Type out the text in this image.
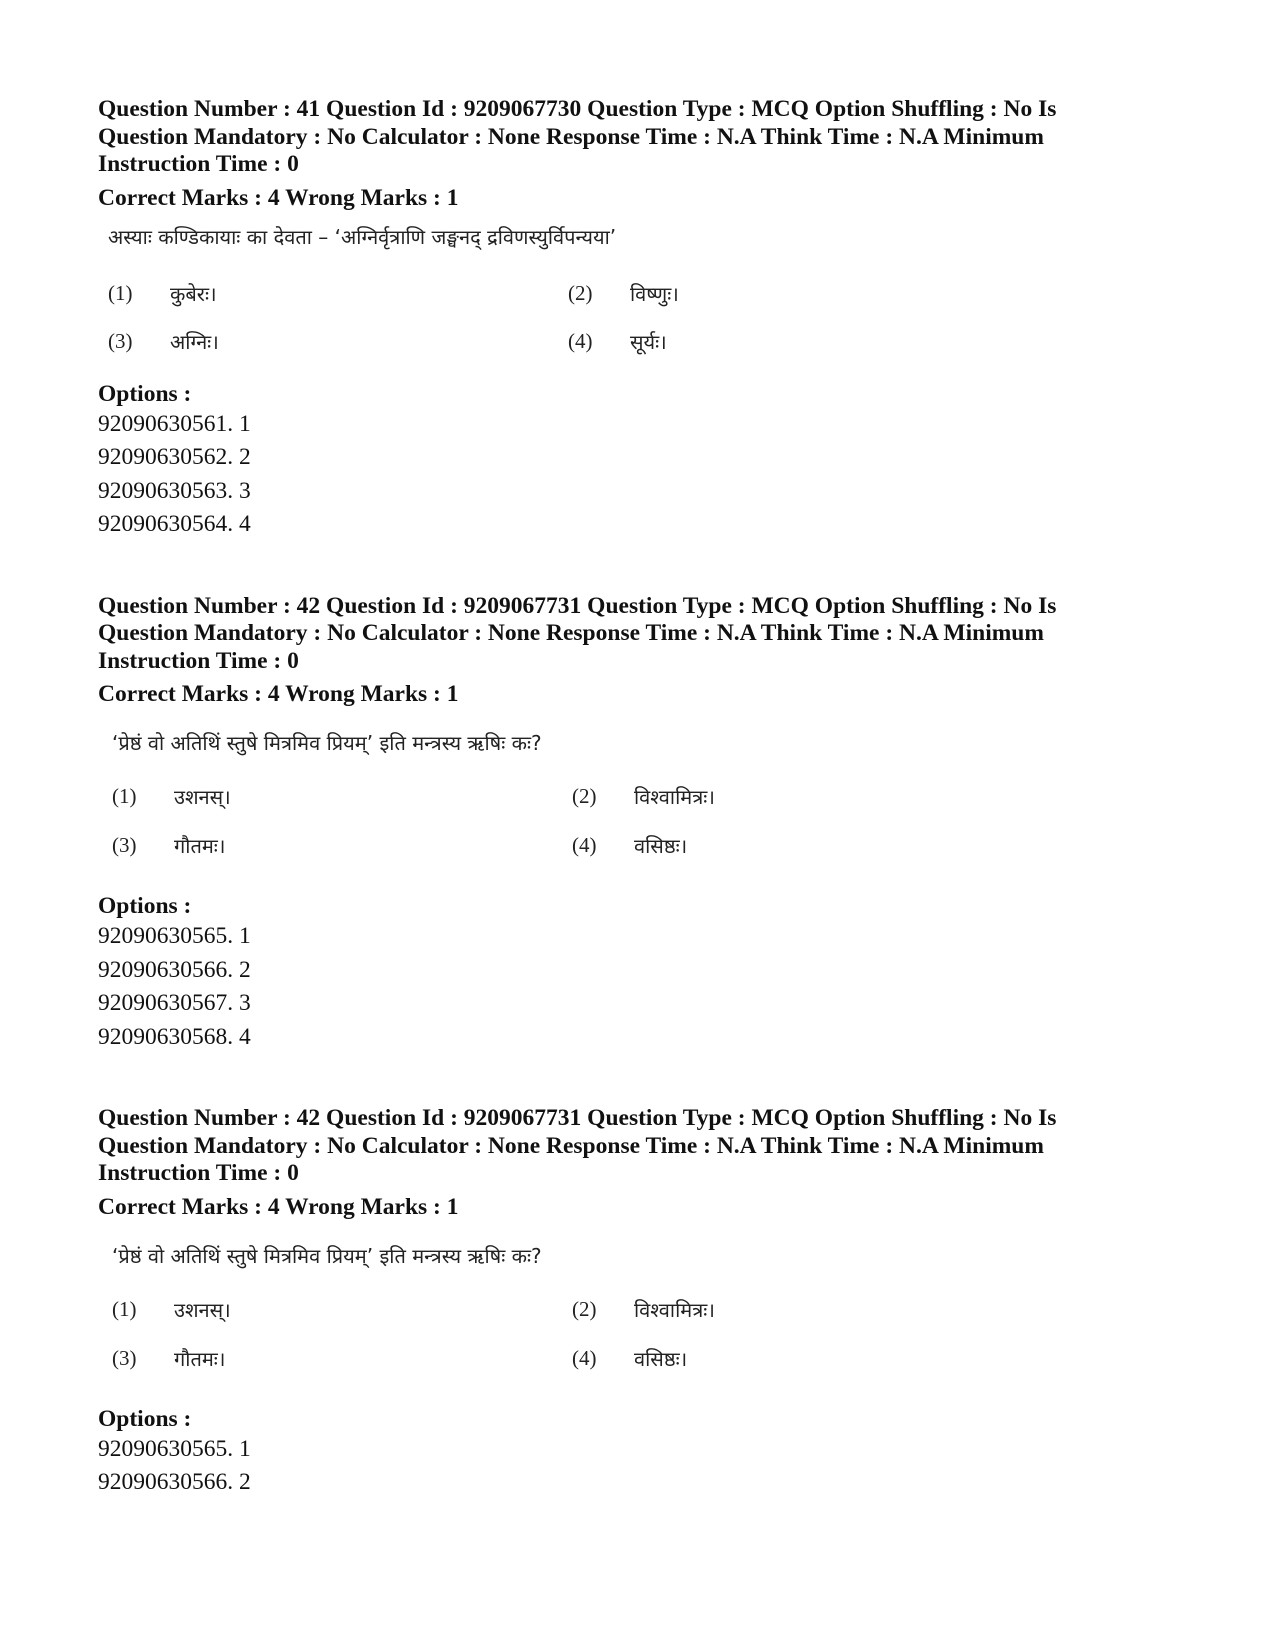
Question Number : 41 Question Id : 9209067730 Question Type : MCQ Option Shuffling : No Is Question Mandatory : No Calculator : None Response Time : N.A Think Time : N.A Minimum Instruction Time : 0
Correct Marks : 4 Wrong Marks : 1
अस्याः कण्डिकायाः का देवता – ‘अग्निर्वृत्राणि जङ्घनद् द्रविणस्युर्विपन्यया’
(1)	कुबेरः।	(2)	विष्णुः।
(3)	अग्निः।	(4)	सूर्यः।
Options :
92090630561. 1
92090630562. 2
92090630563. 3
92090630564. 4
Question Number : 42 Question Id : 9209067731 Question Type : MCQ Option Shuffling : No Is Question Mandatory : No Calculator : None Response Time : N.A Think Time : N.A Minimum Instruction Time : 0
Correct Marks : 4 Wrong Marks : 1
‘प्रेष्ठं वो अतिथिं स्तुषे मित्रमिव प्रियम्’ इति मन्त्रस्य ऋषिः कः?
(1)	उशनस्।	(2)	विश्वामित्रः।
(3)	गौतमः।	(4)	वसिष्ठः।
Options :
92090630565. 1
92090630566. 2
92090630567. 3
92090630568. 4
Question Number : 42 Question Id : 9209067731 Question Type : MCQ Option Shuffling : No Is Question Mandatory : No Calculator : None Response Time : N.A Think Time : N.A Minimum Instruction Time : 0
Correct Marks : 4 Wrong Marks : 1
‘प्रेष्ठं वो अतिथिं स्तुषे मित्रमिव प्रियम्’ इति मन्त्रस्य ऋषिः कः?
(1)	उशनस्।	(2)	विश्वामित्रः।
(3)	गौतमः।	(4)	वसिष्ठः।
Options :
92090630565. 1
92090630566. 2
